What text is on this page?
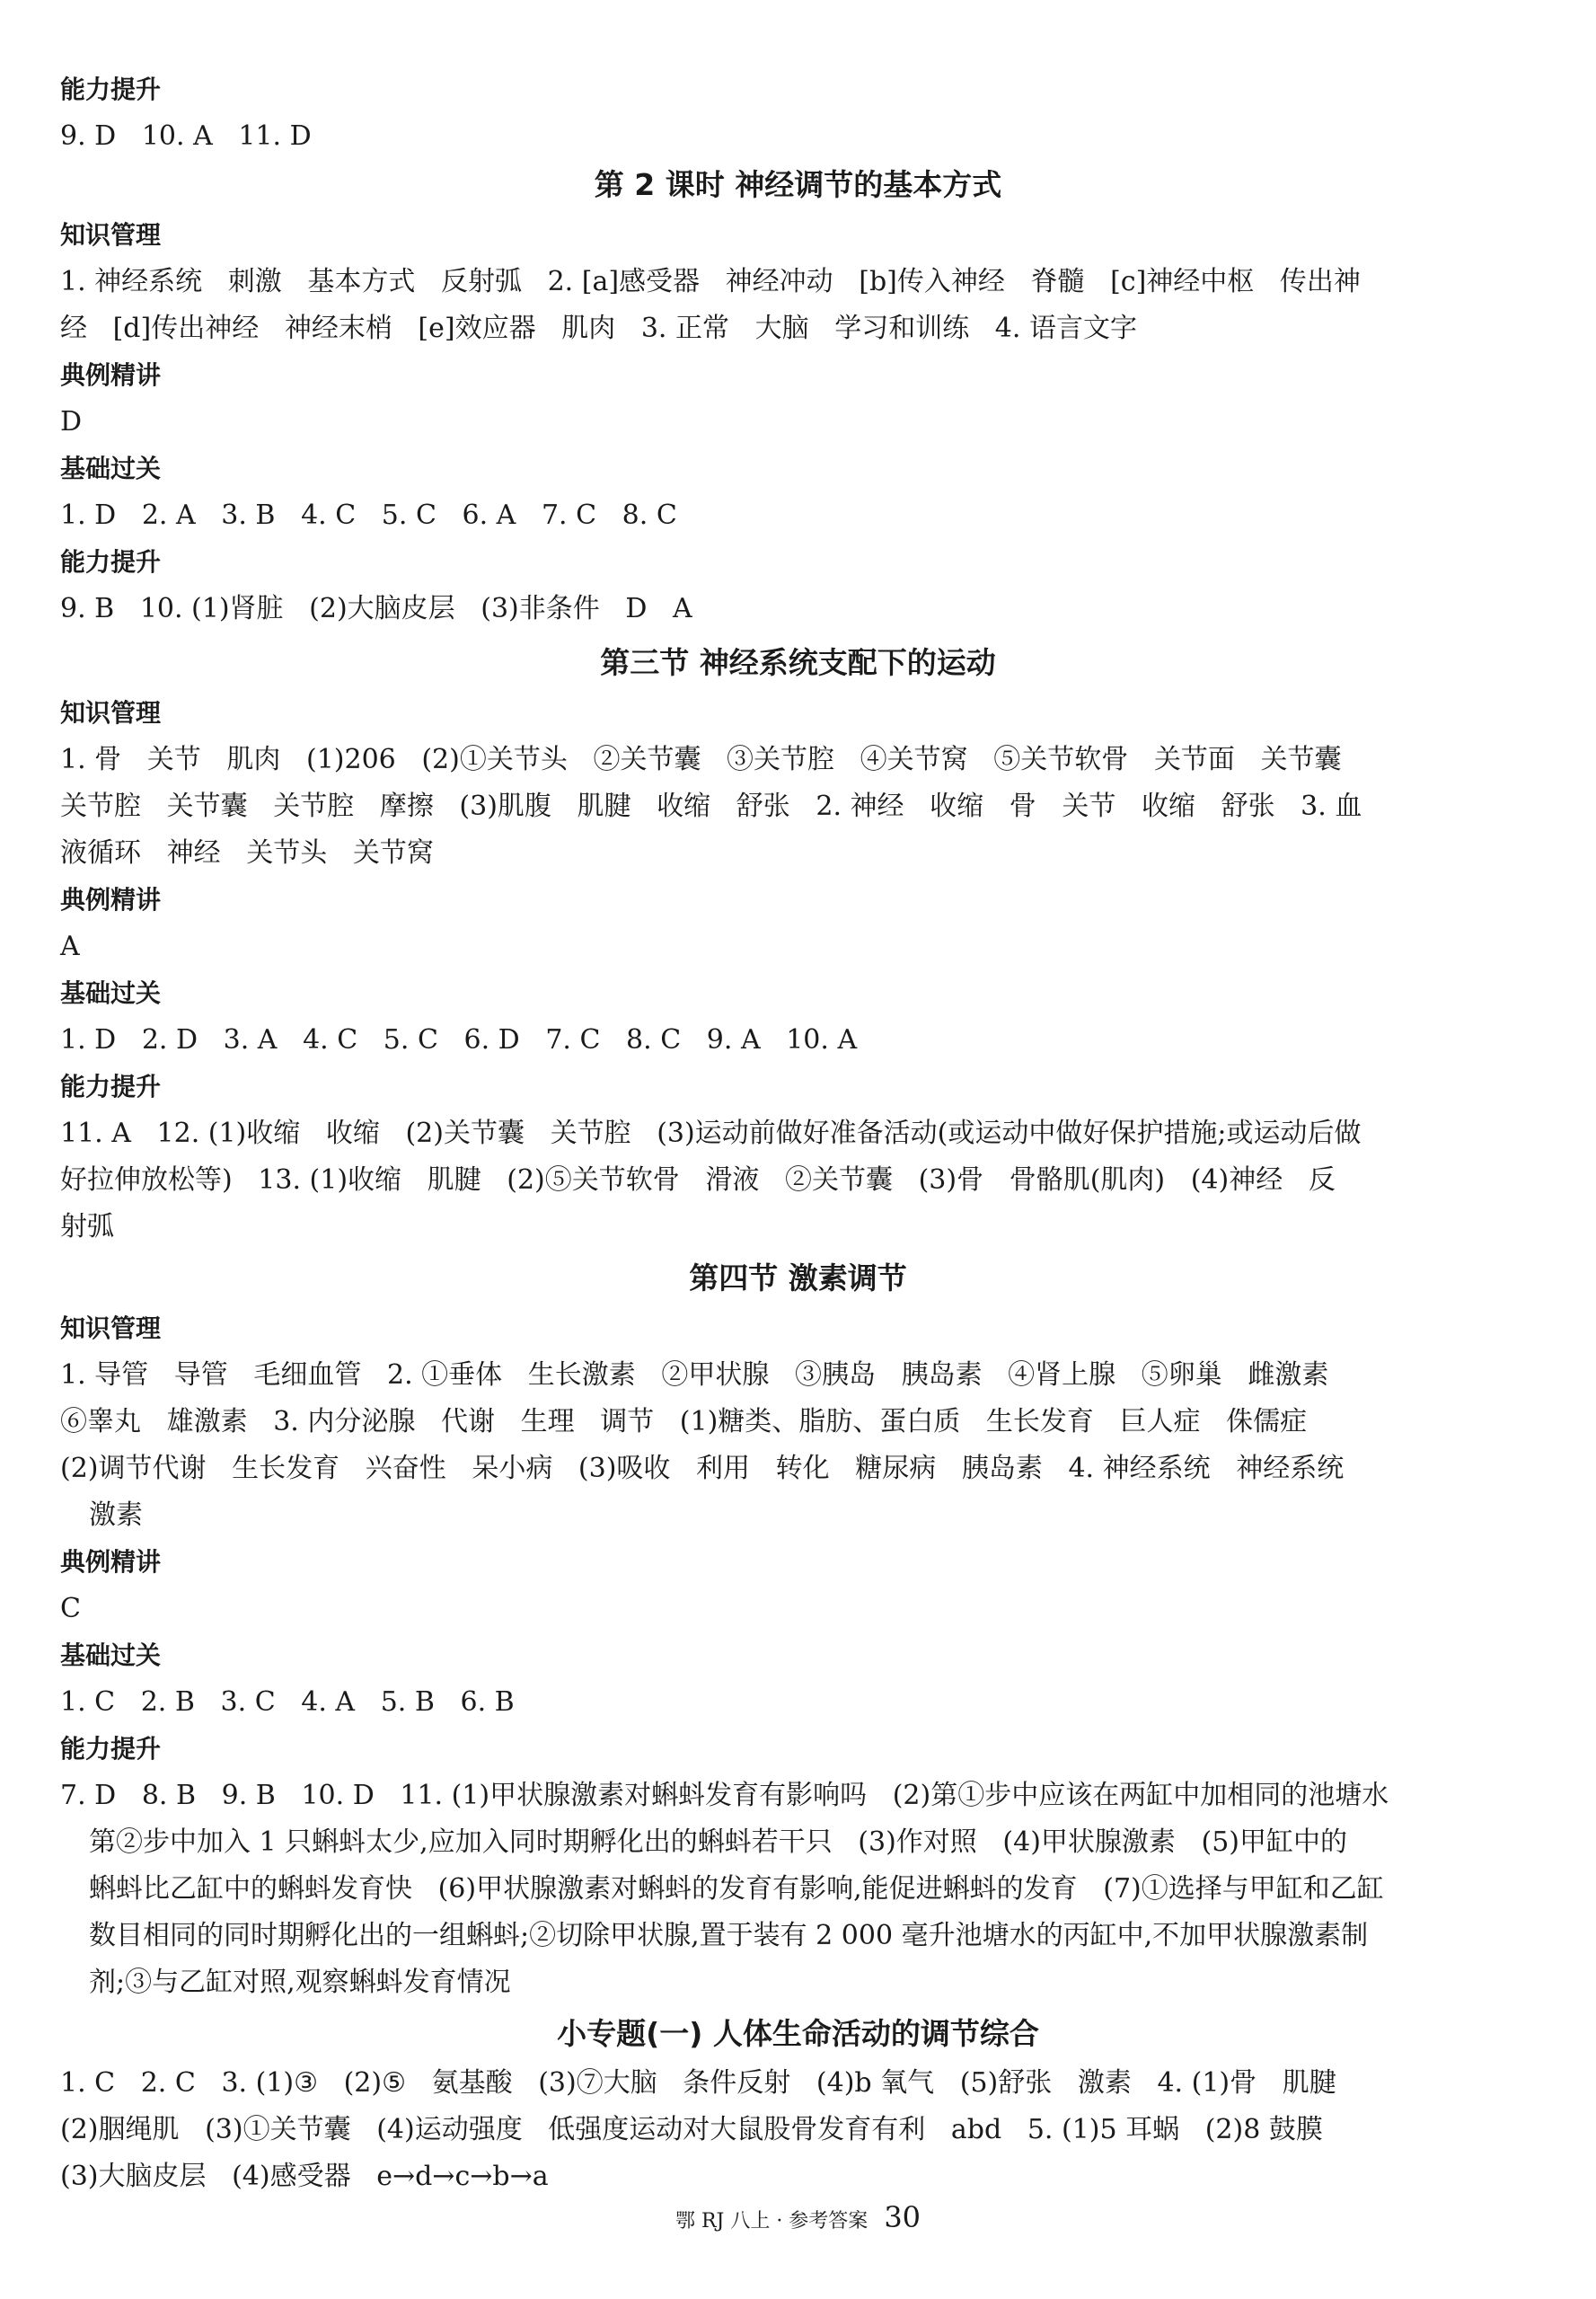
能力提升
9. D   10. A   11. D
第 2 课时 神经调节的基本方式
知识管理
1. 神经系统   刺激   基本方式   反射弧   2. [a]感受器   神经冲动   [b]传入神经   脊髓   [c]神经中枢   传出神
经   [d]传出神经   神经末梢   [e]效应器   肌肉   3. 正常   大脑   学习和训练   4. 语言文字
典例精讲
D
基础过关
1. D   2. A   3. B   4. C   5. C   6. A   7. C   8. C
能力提升
9. B   10. (1)肾脏   (2)大脑皮层   (3)非条件   D   A
第三节 神经系统支配下的运动
知识管理
1. 骨   关节   肌肉   (1)206   (2)①关节头   ②关节囊   ③关节腔   ④关节窝   ⑤关节软骨   关节面   关节囊
关节腔   关节囊   关节腔   摩擦   (3)肌腹   肌腱   收缩   舒张   2. 神经   收缩   骨   关节   收缩   舒张   3. 血
液循环   神经   关节头   关节窝
典例精讲
A
基础过关
1. D   2. D   3. A   4. C   5. C   6. D   7. C   8. C   9. A   10. A
能力提升
11. A   12. (1)收缩   收缩   (2)关节囊   关节腔   (3)运动前做好准备活动(或运动中做好保护措施;或运动后做
好拉伸放松等)   13. (1)收缩   肌腱   (2)⑤关节软骨   滑液   ②关节囊   (3)骨   骨骼肌(肌肉)   (4)神经   反
射弧
第四节 激素调节
知识管理
1. 导管   导管   毛细血管   2. ①垂体   生长激素   ②甲状腺   ③胰岛   胰岛素   ④肾上腺   ⑤卵巢   雌激素
⑥睾丸   雄激素   3. 内分泌腺   代谢   生理   调节   (1)糖类、脂肪、蛋白质   生长发育   巨人症   侏儒症
(2)调节代谢   生长发育   兴奋性   呆小病   (3)吸收   利用   转化   糖尿病   胰岛素   4. 神经系统   神经系统
激素
典例精讲
C
基础过关
1. C   2. B   3. C   4. A   5. B   6. B
能力提升
7. D   8. B   9. B   10. D   11. (1)甲状腺激素对蝌蚪发育有影响吗   (2)第①步中应该在两缸中加相同的池塘水
第②步中加入 1 只蝌蚪太少,应加入同时期孵化出的蝌蚪若干只   (3)作对照   (4)甲状腺激素   (5)甲缸中的
蝌蚪比乙缸中的蝌蚪发育快   (6)甲状腺激素对蝌蚪的发育有影响,能促进蝌蚪的发育   (7)①选择与甲缸和乙缸
数目相同的同时期孵化出的一组蝌蚪;②切除甲状腺,置于装有 2 000 毫升池塘水的丙缸中,不加甲状腺激素制
剂;③与乙缸对照,观察蝌蚪发育情况
小专题(一) 人体生命活动的调节综合
1. C   2. C   3. (1)③   (2)⑤   氨基酸   (3)⑦大脑   条件反射   (4)b 氧气   (5)舒张   激素   4. (1)骨   肌腱
(2)胭绳肌   (3)①关节囊   (4)运动强度   低强度运动对大鼠股骨发育有利   abd   5. (1)5 耳蜗   (2)8 鼓膜
(3)大脑皮层   (4)感受器   e→d→c→b→a
鄂 RJ 八上 · 参考答案 30
